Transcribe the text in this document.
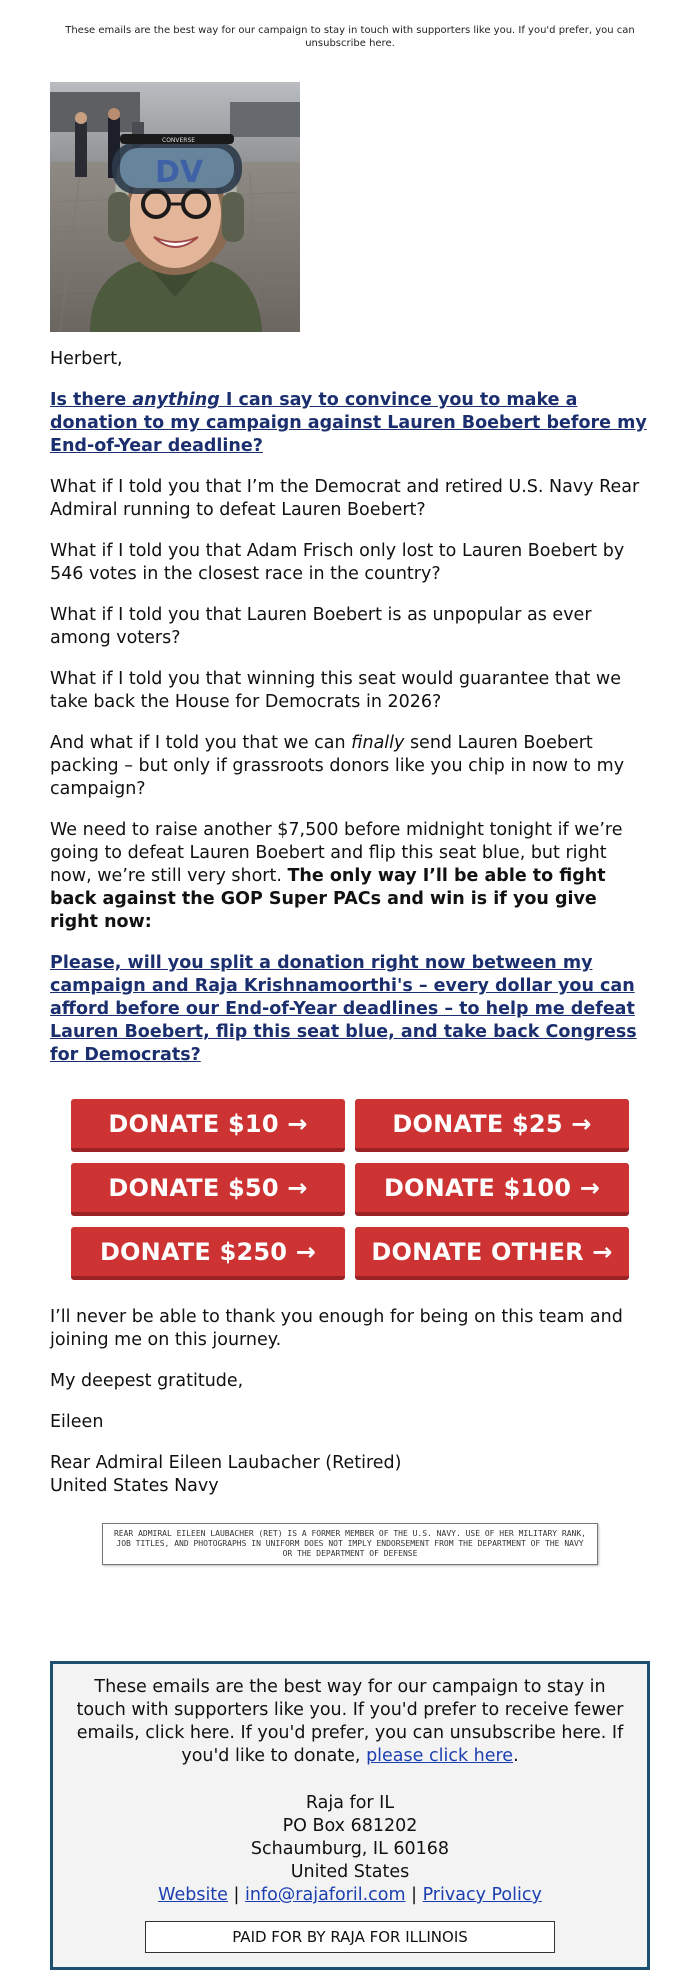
These emails are the best way for our campaign to stay in touch with supporters like you. If you'd prefer, you can unsubscribe here.
DV
CONVERSE

Herbert,

Is there anything I can say to convince you to make a donation to my campaign against Lauren Boebert before my End-of-Year deadline?

What if I told you that I’m the Democrat and retired U.S. Navy Rear Admiral running to defeat Lauren Boebert?

What if I told you that Adam Frisch only lost to Lauren Boebert by 546 votes in the closest race in the country?

What if I told you that Lauren Boebert is as unpopular as ever among voters?

What if I told you that winning this seat would guarantee that we take back the House for Democrats in 2026?

And what if I told you that we can finally send Lauren Boebert packing – but only if grassroots donors like you chip in now to my campaign?

We need to raise another $7,500 before midnight tonight if we’re going to defeat Lauren Boebert and flip this seat blue, but right now, we’re still very short. The only way I’ll be able to fight back against the GOP Super PACs and win is if you give right now:

Please, will you split a donation right now between my campaign and Raja Krishnamoorthi's – every dollar you can afford before our End-of-Year deadlines – to help me defeat Lauren Boebert, flip this seat blue, and take back Congress for Democrats?

DONATE $10 →	DONATE $25 →
DONATE $50 →	DONATE $100 →
DONATE $250 →	DONATE OTHER →

I’ll never be able to thank you enough for being on this team and joining me on this journey.

My deepest gratitude,

Eileen

Rear Admiral Eileen Laubacher (Retired)
United States Navy

REAR ADMIRAL EILEEN LAUBACHER (RET) IS A FORMER MEMBER OF THE U.S. NAVY. USE OF HER MILITARY RANK, JOB TITLES, AND PHOTOGRAPHS IN UNIFORM DOES NOT IMPLY ENDORSEMENT FROM THE DEPARTMENT OF THE NAVY OR THE DEPARTMENT OF DEFENSE
These emails are the best way for our campaign to stay in touch with supporters like you. If you'd prefer to receive fewer emails, click here. If you'd prefer, you can unsubscribe here. If you'd like to donate, please click here.
Raja for IL
PO Box 681202
Schaumburg, IL 60168
United States
Website | info@rajaforil.com | Privacy Policy
PAID FOR BY RAJA FOR ILLINOIS
